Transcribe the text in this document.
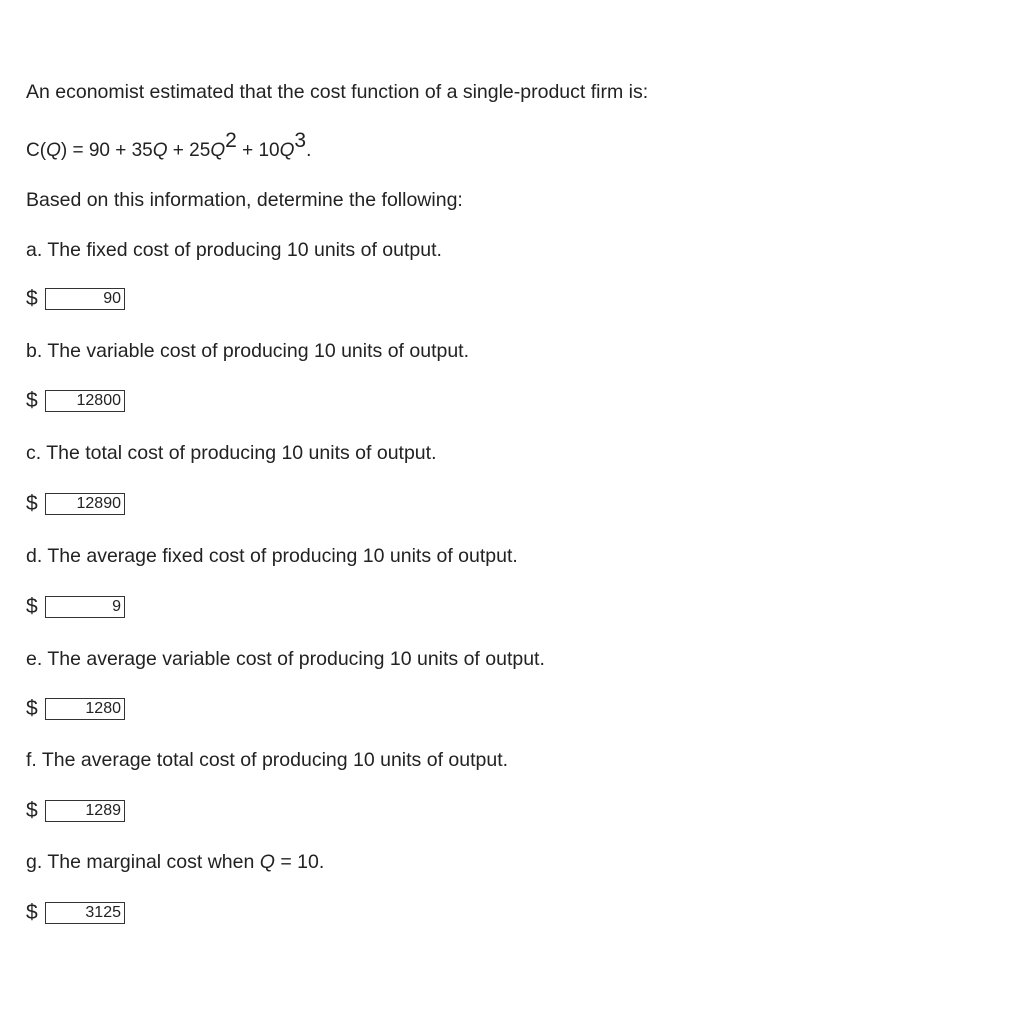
An economist estimated that the cost function of a single-product firm is:
C(Q) = 90 + 35Q + 25Q2 + 10Q3.
Based on this information, determine the following:
a. The fixed cost of producing 10 units of output.
$	90
b. The variable cost of producing 10 units of output.
$	12800
c. The total cost of producing 10 units of output.
$	12890
d. The average fixed cost of producing 10 units of output.
$	9
e. The average variable cost of producing 10 units of output.
$	1280
f. The average total cost of producing 10 units of output.
$	1289
g. The marginal cost when Q = 10.
$	3125
